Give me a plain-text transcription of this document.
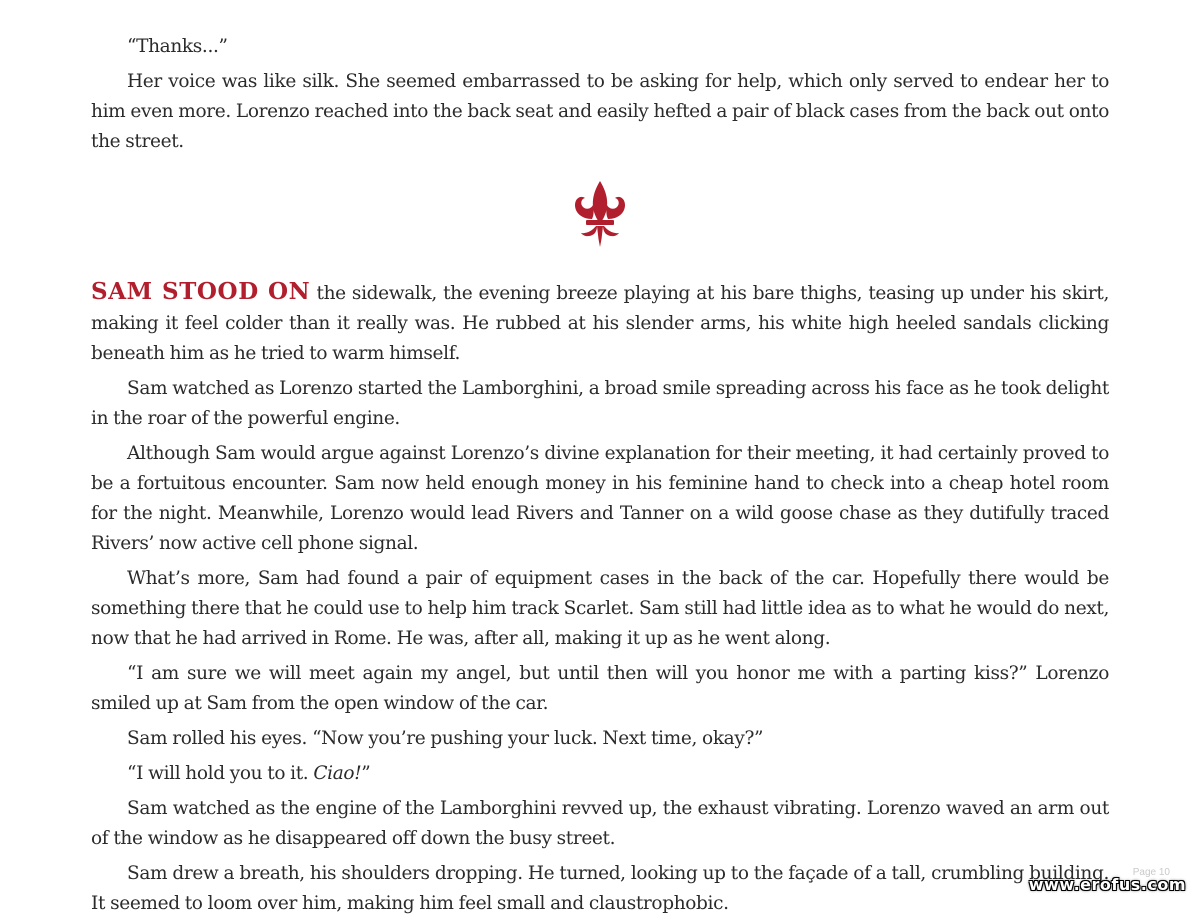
“Thanks...”

Her voice was like silk. She seemed embarrassed to be asking for help, which only served to endear her to him even more. Lorenzo reached into the back seat and easily hefted a pair of black cases from the back out onto the street.

SAM STOOD ON the sidewalk, the evening breeze playing at his bare thighs, teasing up under his skirt, making it feel colder than it really was. He rubbed at his slender arms, his white high heeled sandals clicking beneath him as he tried to warm himself.

Sam watched as Lorenzo started the Lamborghini, a broad smile spreading across his face as he took delight in the roar of the powerful engine.

Although Sam would argue against Lorenzo’s divine explanation for their meeting, it had certainly proved to be a fortuitous encounter. Sam now held enough money in his feminine hand to check into a cheap hotel room for the night. Meanwhile, Lorenzo would lead Rivers and Tanner on a wild goose chase as they dutifully traced Rivers’ now active cell phone signal.

What’s more, Sam had found a pair of equipment cases in the back of the car. Hopefully there would be something there that he could use to help him track Scarlet. Sam still had little idea as to what he would do next, now that he had arrived in Rome. He was, after all, making it up as he went along.

“I am sure we will meet again my angel, but until then will you honor me with a parting kiss?” Lorenzo smiled up at Sam from the open window of the car.

Sam rolled his eyes. “Now you’re pushing your luck. Next time, okay?”

“I will hold you to it. Ciao!”

Sam watched as the engine of the Lamborghini revved up, the exhaust vibrating. Lorenzo waved an arm out of the window as he disappeared off down the busy street.

Sam drew a breath, his shoulders dropping. He turned, looking up to the façade of a tall, crumbling building. It seemed to loom over him, making him feel small and claustrophobic.

Page 10
www.erofus.com
